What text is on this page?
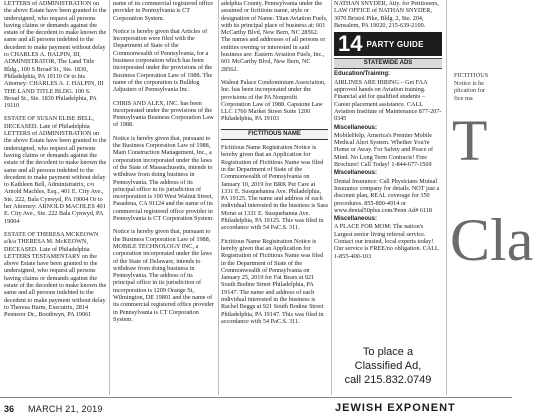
LETTERS of ADMINISTRATION on the above Estate have been granted to the undersigned, who request all persons having claims or demands against the estate of the decedent to make known the same and all persons indebted to the decedent to make payment without delay to CHARLES A. HALPIN, III, ADMINISTRATOR, The Land Title Bldg., 100 S Broad St., Ste. 1830, Philadelphia, PA 19110 Or to his Attorney: CHARLES A. J. HALPIN, III THE LAND TITLE BLDG. 100 S. Broad St., Ste. 1830 Philadelphia, PA 19110

ESTATE OF SUSAN ELISE BELL, DECEASED. Late of Philadelphia LETTERS of ADMINISTRATION on the above Estate have been granted to the undersigned, who request all persons having claims or demands against the estate of the decedent to make known the same and all persons indebted to the decedent to make payment without delay to Kathleen Bell, Administratrix, c/o Arnold Machles, Esq., 401 E. City Ave., Ste. 222, Bala Cynwyd, PA 19004 Or to her Attorney: ARNOLD MACHLES 401 E. City Ave., Ste. 222 Bala Cynwyd, PA 19004

ESTATE OF THERESA MCKEOWN a/k/a THERESA M. McKEOWN, DECEASED. Late of Philadelphia LETTERS TESTAMENTARY on the above Estate have been granted to the undersigned, who request all persons having claims or demands against the estate of the decedent to make known the same and all persons indebted to the decedent to make payment without delay to Theresa Harm, Executrix, 2814 Pennerer Dr., Boothwyn, PA 19061

name of its commercial registered office provider in Pennsylvania is CT Corporation System.

Notice is hereby given that Articles of Incorporation were filed with the Department of State of the Commonwealth of Pennsylvania, for a business corporation which has been incorporated under the provisions of the Business Corporation Law of 1988. The name of the corporation is Bulldog Adjusters of Pennsylvania Inc.

CHRIS AND ALEX, INC. has been incorporated under the provisions of the Pennsylvania Business Corporation Law of 1988.

Notice is hereby given that, pursuant to the Business Corporation Law of 1988, Main Construction Management, Inc., a corporation incorporated under the laws of the State of Massachusetts, intends to withdraw from doing business in Pennsylvania. The address of its principal office in its jurisdiction of incorporation is 100 West Walnut Street, Pasadena, CA 91124 and the name of its commercial registered office provider in Pennsylvania is CT Corporation System.

Notice is hereby given that, pursuant to the Business Corporation Law of 1988, MOBILE TECHNOLOGY INC, a corporation incorporated under the laws of the State of Delaware, intends to withdraw from doing business in Pennsylvania. The address of its principal office in its jurisdiction of incorporation is 1209 Orange St, Wilmington, DE 19801 and the name of its commercial registered office provider in Pennsylvania is CT Corporation System.

adelphia County, Pennsylvania under the assumed or fictitious name, style or designation of Name: Titan Aviation Fuels, with its principal place of business at: 601 McCarthy Blvd, New Bern, NC 28562. The names and addresses of all persons or entities owning or interested in said business are: Eastern Aviation Fuels, Inc., 601 McCarthy Blvd, New Bern, NC 28562.

Walnut Palace Condominium Association, Inc. has been incorporated under the provisions of the PA Nonprofit Corporation Law of 1988. Capstone Law LLC 1760 Market Street Suite 1200 Philadelphia, PA 19103

FICTITIOUS NAME

Fictitious Name Registration Notice is hereby given that an Application for Registration of Fictitious Name was filed in the Department of State of the Commonwealth of Pennsylvania on January 10, 2019 for BRK Pet Care at 1331 E. Susquehanna Ave. Philadelphia, PA 19125. The name and address of each individual interested in the business is Sara Morar at 1331 E. Susquehanna Ave. Philadelphia, PA 19125. This was filed in accordance with 54 PaC.S. 311.

Fictitious Name Registration Notice is hereby given that an Application for Registration of Fictitious Name was filed in the Department of State of the Commonwealth of Pennsylvania on January 25, 2019 for Fat Bears at 921 South Bodine Street Philadelphia, PA 19147. The name and address of each individual interested in the business is Rachel Beggs at 921 South Bodine Street Philadelphia, PA 19147. This was filed in accordance with 54 PaC.S. 311.

NATHAN SNYDER, Atty. for Petitioners, LAW OFFICE of NATHAN SNYDER, 3070 Bristol Pike, Bldg. 2, Ste. 204, Bensalem, PA 19020, 215-639-2100.

14 PARTY GUIDE
STATEWIDE ADS
Education/Training:

AIRLINES ARE HIRING – Get FAA approved hands on Aviation training. Financial aid for qualified students – Career placement assistance. CALL Aviation Institute of Maintenance 877-207-0345

Miscellaneous:

MobileHelp, America's Premier Mobile Medical Alert System. Whether You're Home or Away. For Safety and Peace of Mind. No Long Term Contracts! Free Brochure! Call Today! 1-844-677-1569

Miscellaneous:

Dental Insurance: Call Physicians Mutual Insurance company for details. NOT just a discount plan, REAL coverage for 350 procedures. 855-890-4914 or www.dental50plus.com/Penn Ad# 6118

Miscellaneous:

A PLACE FOR MOM: The nation's Largest senior living referral service. Contact our trusted, local experts today! Our service is FREE/no obligation. CALL 1-855-400-103

To place a
Classified Ad,
call 215.832.0749
FICTITIOUS
Notice is he
plication for
fice ma
T
Cla
36 MARCH 21, 2019	JEWISH EXPONENT
